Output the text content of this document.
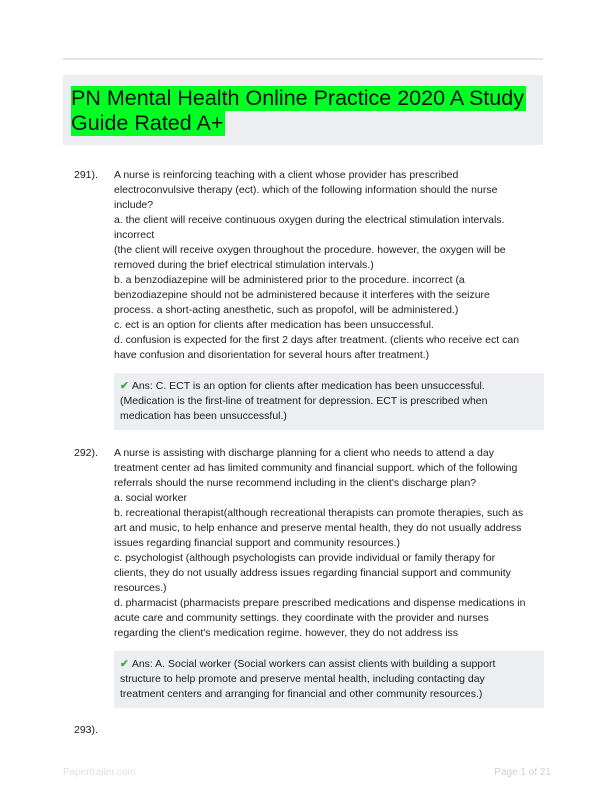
PN Mental Health Online Practice 2020 A Study
Guide Rated A+
291). A nurse is reinforcing teaching with a client whose provider has prescribed

electroconvulsive therapy (ect). which of the following information should the nurse

include?

a. the client will receive continuous oxygen during the electrical stimulation intervals.

incorrect

(the client will receive oxygen throughout the procedure. however, the oxygen will be

removed during the brief electrical stimulation intervals.)

b. a benzodiazepine will be administered prior to the procedure. incorrect (a

benzodiazepine should not be administered because it interferes with the seizure

process. a short-acting anesthetic, such as propofol, will be administered.)

c. ect is an option for clients after medication has been unsuccessful.

d. confusion is expected for the first 2 days after treatment. (clients who receive ect can

have confusion and disorientation for several hours after treatment.)

✔ Ans: C. ECT is an option for clients after medication has been unsuccessful.

(Medication is the first-line of treatment for depression. ECT is prescribed when

medication has been unsuccessful.)

292). A nurse is assisting with discharge planning for a client who needs to attend a day

treatment center ad has limited community and financial support. which of the following

referrals should the nurse recommend including in the client's discharge plan?

a. social worker

b. recreational therapist(although recreational therapists can promote therapies, such as

art and music, to help enhance and preserve mental health, they do not usually address

issues regarding financial support and community resources.)

c. psychologist (although psychologists can provide individual or family therapy for

clients, they do not usually address issues regarding financial support and community

resources.)

d. pharmacist (pharmacists prepare prescribed medications and dispense medications in

acute care and community settings. they coordinate with the provider and nurses

regarding the client's medication regime. however, they do not address iss

✔ Ans: A. Social worker (Social workers can assist clients with building a support

structure to help promote and preserve mental health, including contacting day

treatment centers and arranging for financial and other community resources.)

293).
Papertrailer.com	Page 1 of 21
